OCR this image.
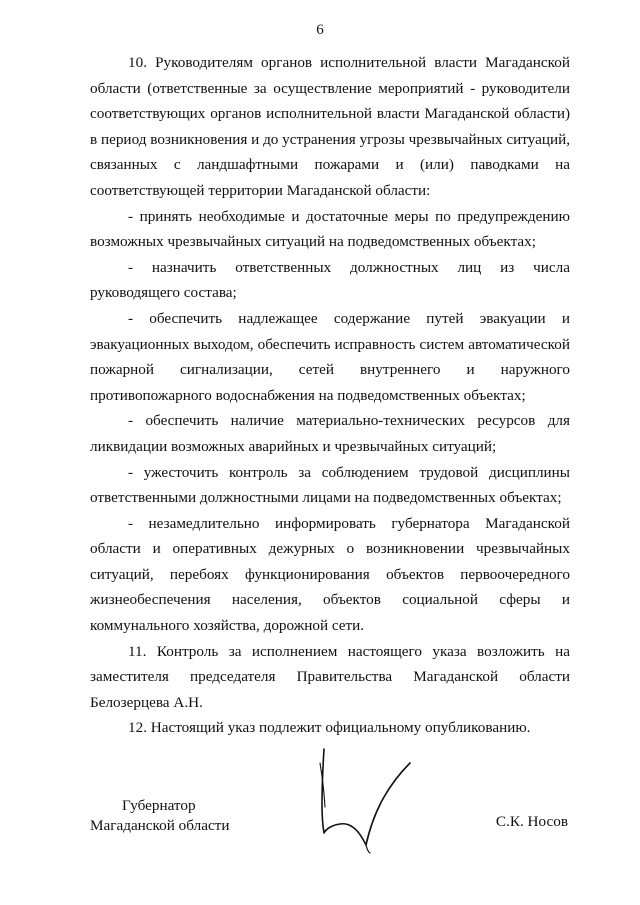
6

10. Руководителям органов исполнительной власти Магаданской области (ответственные за осуществление мероприятий - руководители соответствующих органов исполнительной власти Магаданской области) в период возникновения и до устранения угрозы чрезвычайных ситуаций, связанных с ландшафтными пожарами и (или) паводками на соответствующей территории Магаданской области:

- принять необходимые и достаточные меры по предупреждению возможных чрезвычайных ситуаций на подведомственных объектах;

- назначить ответственных должностных лиц из числа руководящего состава;

- обеспечить надлежащее содержание путей эвакуации и эвакуационных выходом, обеспечить исправность систем автоматической пожарной сигнализации, сетей внутреннего и наружного противопожарного водоснабжения на подведомственных объектах;

- обеспечить наличие материально-технических ресурсов для ликвидации возможных аварийных и чрезвычайных ситуаций;

- ужесточить контроль за соблюдением трудовой дисциплины ответственными должностными лицами на подведомственных объектах;

- незамедлительно информировать губернатора Магаданской области и оперативных дежурных о возникновении чрезвычайных ситуаций, перебоях функционирования объектов первоочередного жизнеобеспечения населения, объектов социальной сферы и коммунального хозяйства, дорожной сети.

11. Контроль за исполнением настоящего указа возложить на заместителя председателя Правительства Магаданской области Белозерцева А.Н.

12. Настоящий указ подлежит официальному опубликованию.

Губернатор
Магаданской области	С.К. Носов
